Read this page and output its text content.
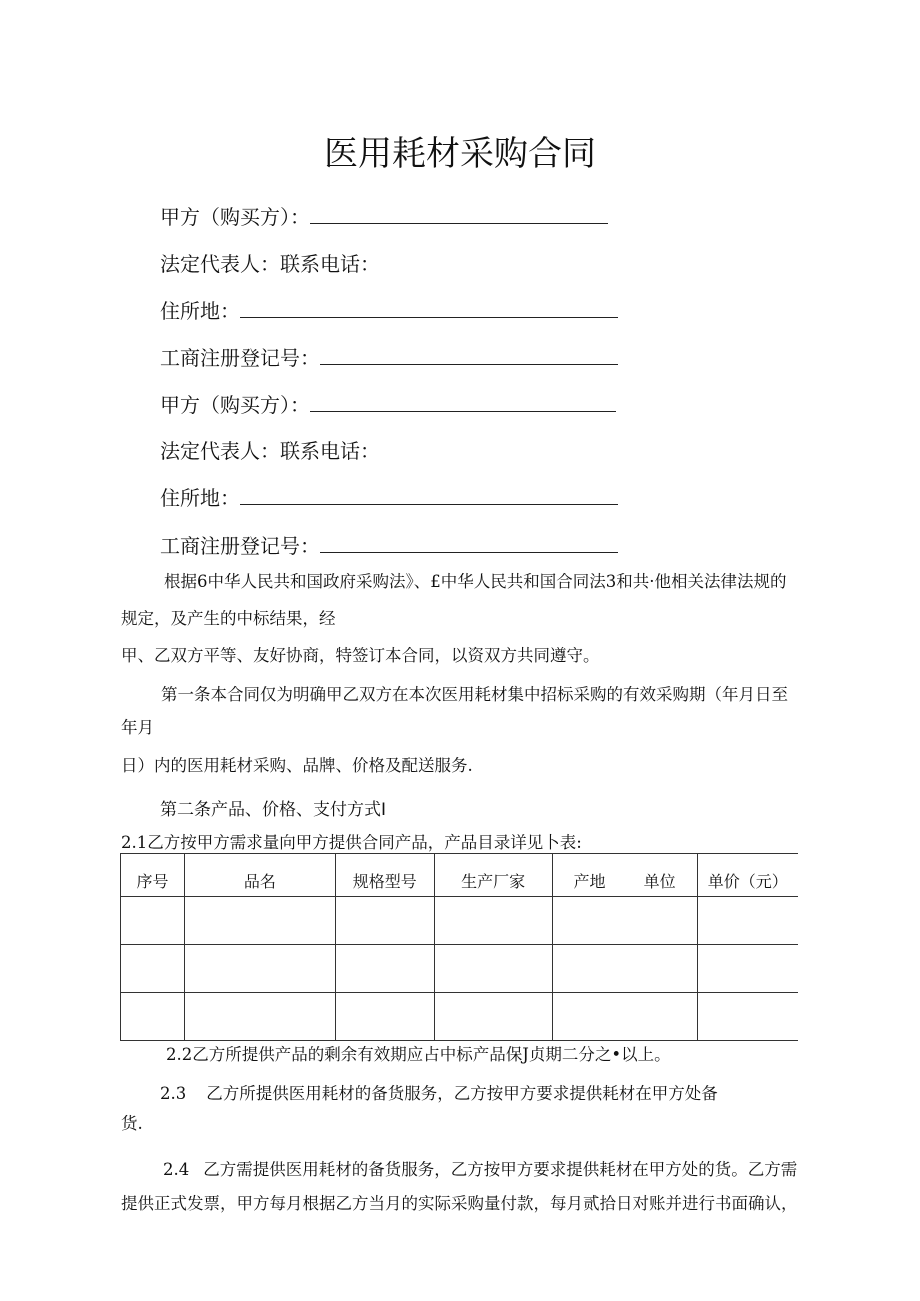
医用耗材采购合同
甲方（购买方）：
法定代表人：联系电话：
住所地：
工商注册登记号：
甲方（购买方）：
法定代表人：联系电话：
住所地：
工商注册登记号：
根据6中华人民共和国政府采购法》、£中华人民共和国合同法3和共·他相关法律法规的
规定，及产生的中标结果，经
甲、乙双方平等、友好协商，特签订本合同，以资双方共同遵守。
第一条本合同仅为明确甲乙双方在本次医用耗材集中招标采购的有效采购期（年月日至
年月
日）内的医用耗材采购、品牌、价格及配送服务.
第二条产品、价格、支付方式I
2.1乙方按甲方需求量向甲方提供合同产品，产品目录详见卜表:
序号	品名	规格型号	生产厂家	产地 单位	单价（元）

2.2乙方所提供产品的剩余有效期应占中标产品保J贞期二分之•以上。
2.3 乙方所提供医用耗材的备货服务，乙方按甲方要求提供耗材在甲方处备
货.
2.4 乙方需提供医用耗材的备货服务，乙方按甲方要求提供耗材在甲方处的货。乙方需
提供正式发票，甲方每月根据乙方当月的实际采购量付款，每月贰拾日对账并进行书面确认，
